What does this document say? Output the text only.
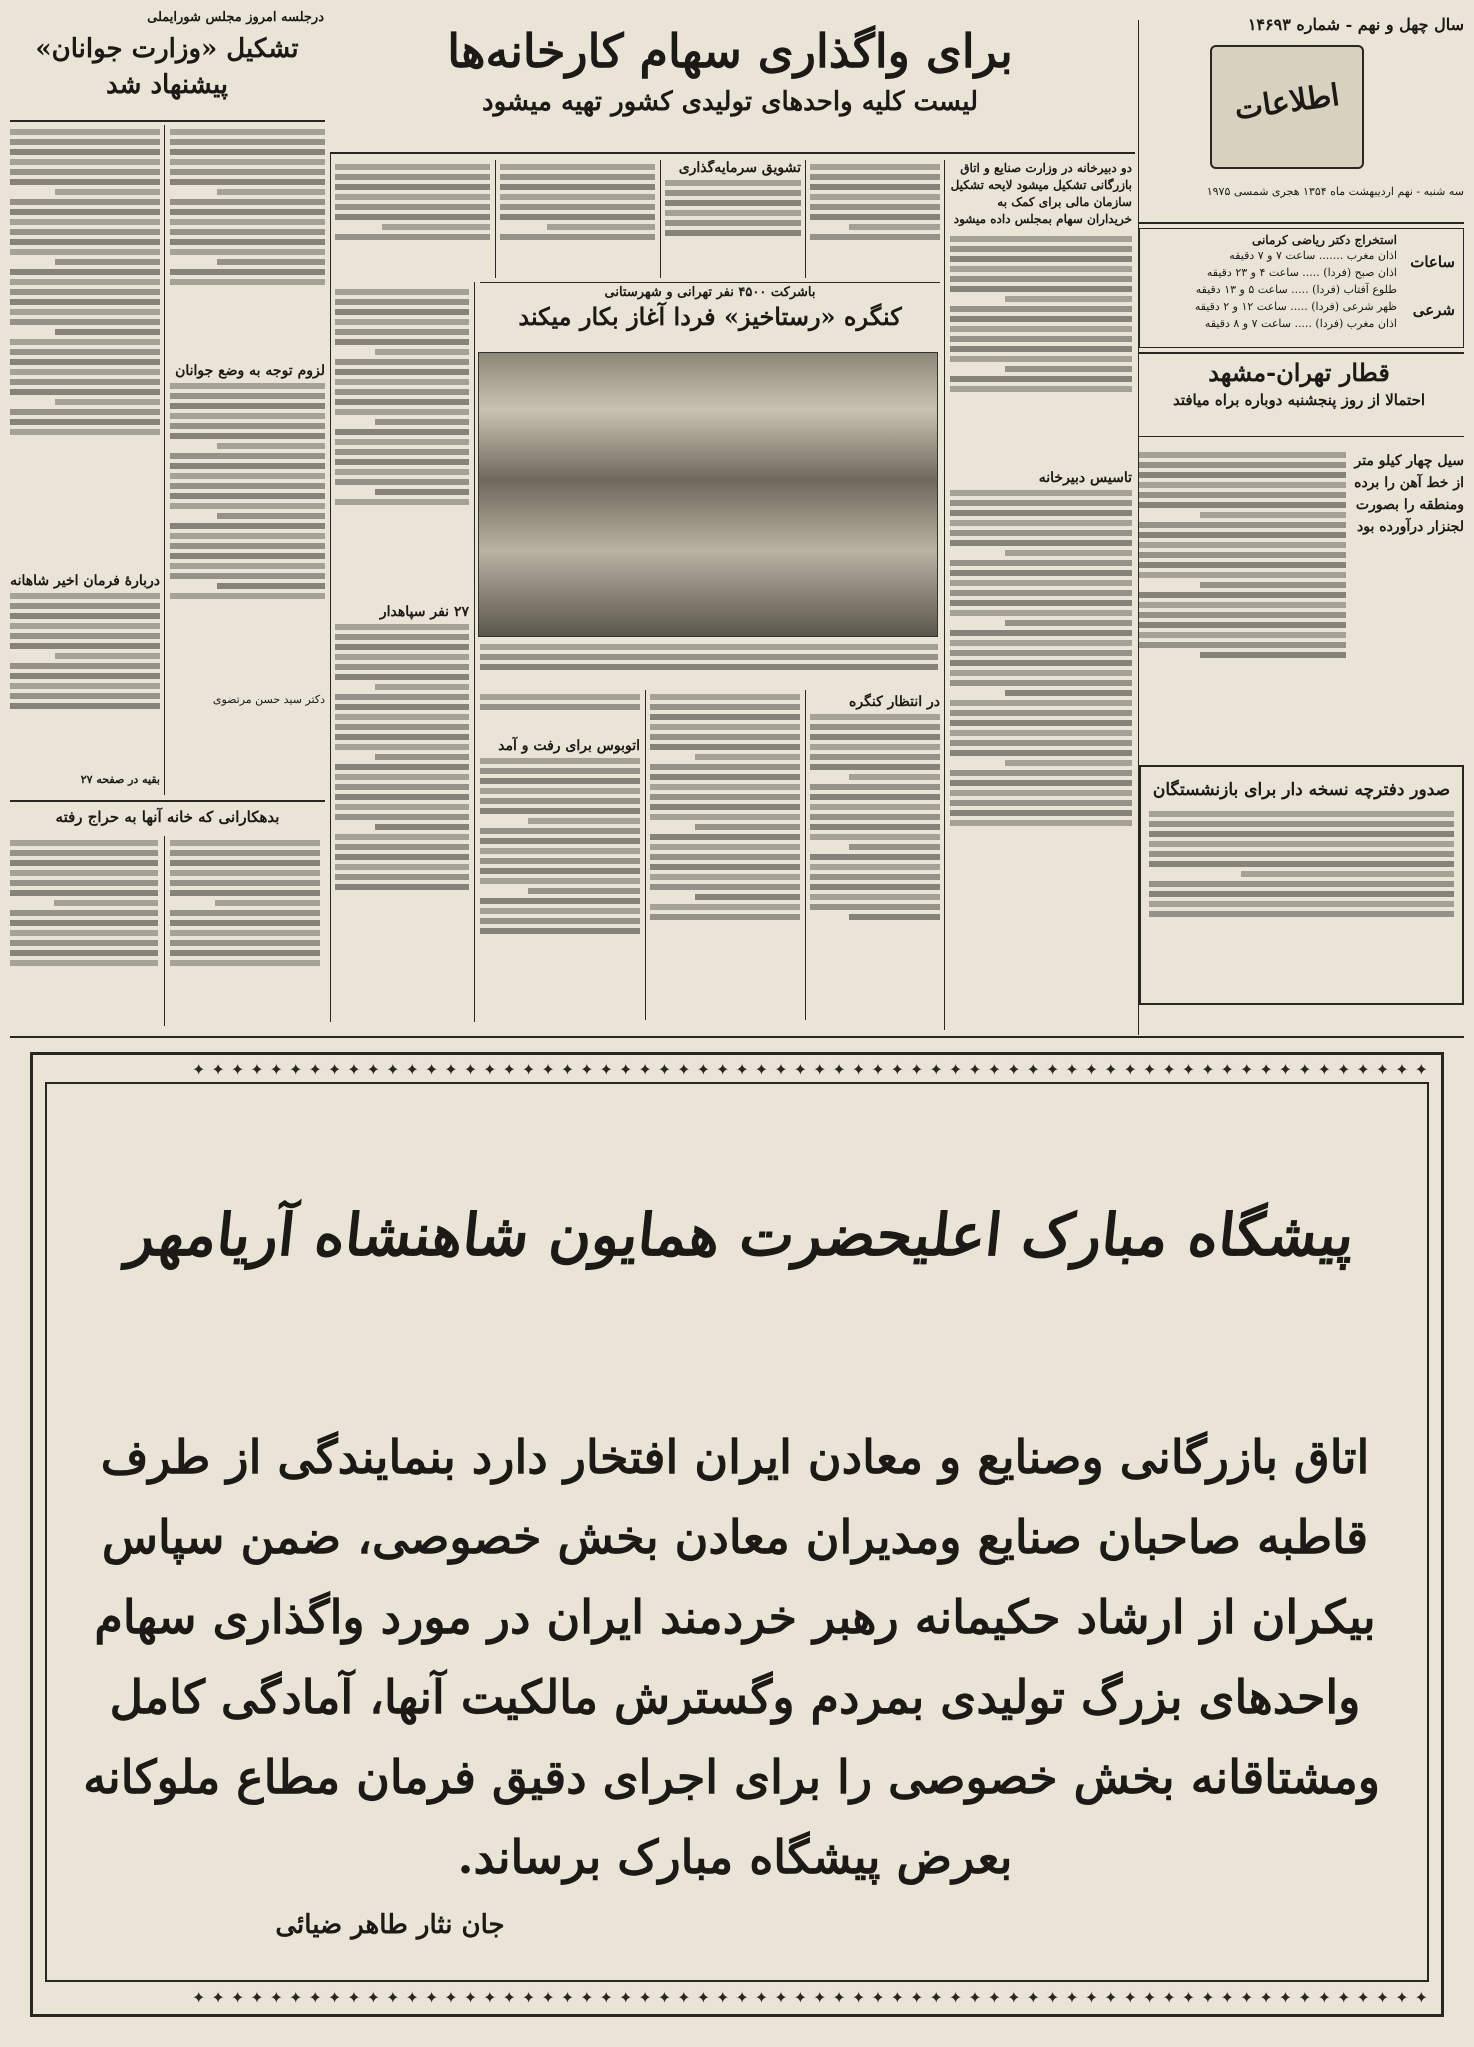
سال چهل و نهم - شماره ۱۴۶۹۳
اطلاعات
سه شنبه - نهم اردیبهشت ماه ۱۳۵۴ هجری شمسی ۱۹۷۵
ساعات
شرعی
استخراج دکتر ریاضی کرمانی
اذان مغرب ....... ساعت ۷ و ۷ دقیقه
اذان صبح (فردا) ..... ساعت ۴ و ۲۳ دقیقه
طلوع آفتاب (فردا) ..... ساعت ۵ و ۱۳ دقیقه
ظهر شرعی (فردا) ..... ساعت ۱۲ و ۲ دقیقه
اذان مغرب (فردا) ..... ساعت ۷ و ۸ دقیقه
قطار تهران-مشهد
احتمالا از روز پنجشنبه دوباره براه میافتد
سیل چهار کیلو متر از خط آهن را برده ومنطقه را بصورت لجنزار درآورده بود
صدور دفترچه نسخه دار برای بازنشستگان
برای واگذاری سهام کارخانه‌ها
لیست کلیه واحدهای تولیدی کشور تهیه میشود
دو دبیرخانه در وزارت صنایع و اتاق بازرگانی تشکیل میشود لایحه تشکیل سازمان مالی برای کمک به خریداران سهام بمجلس داده میشود
تاسیس دبیرخانه
تشویق سرمایه‌گذاری
باشرکت ۴۵۰۰ نفر تهرانی و شهرستانی
کنگره «رستاخیز» فردا آغاز بکار میکند
در انتظار کنگره
اتوبوس برای رفت و آمد
۲۷ نفر سپاهدار
درجلسه امروز مجلس شورایملی
تشکیل «وزارت جوانان» پیشنهاد شد
لزوم توجه به وضع جوانان
دکتر سید حسن مرتضوی
دربارهٔ فرمان اخیر شاهانه
بقیه در صفحه ۲۷
بدهکارانی که خانه آنها به حراج رفته
✦✦✦✦✦✦✦✦✦✦✦✦✦✦✦✦✦✦✦✦✦✦✦✦✦✦✦✦✦✦✦✦✦✦✦✦✦✦✦✦✦✦✦✦✦✦✦✦✦✦✦✦✦✦✦✦✦✦✦✦✦✦✦✦
✦✦✦✦✦✦✦✦✦✦✦✦✦✦✦✦✦✦✦✦✦✦✦✦✦✦✦✦✦✦✦✦✦✦✦✦✦✦✦✦✦✦✦✦✦✦✦✦✦✦✦✦✦✦✦✦✦✦✦✦✦✦✦✦
پیشگاه مبارک اعلیحضرت همایون شاهنشاه آریامهر
اتاق بازرگانی وصنایع و معادن ایران افتخار دارد بنمایندگی از طرف
قاطبه صاحبان صنایع ومدیران معادن بخش خصوصی، ضمن سپاس
بیکران از ارشاد حکیمانه رهبر خردمند ایران در مورد واگذاری سهام
واحدهای بزرگ تولیدی بمردم وگسترش مالکیت آنها، آمادگی کامل
ومشتاقانه بخش خصوصی را برای اجرای دقیق فرمان مطاع ملوکانه
بعرض پیشگاه مبارک برساند.
جان نثار طاهر ضیائی
